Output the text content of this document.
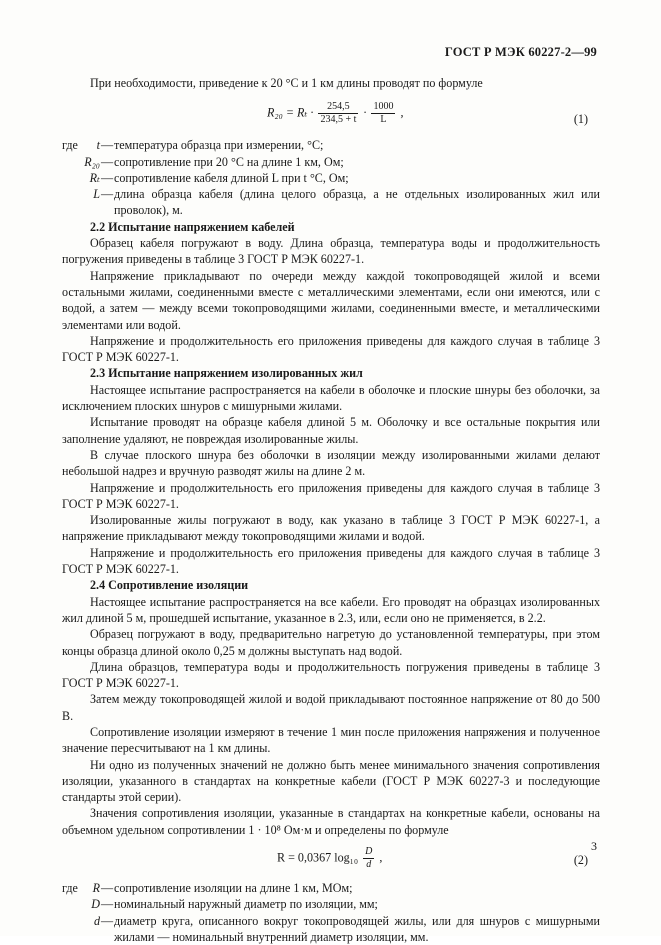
ГОСТ Р МЭК 60227-2—99

При необходимости, приведение к 20 °С и 1 км длины проводят по формуле

$R_{20} = R_t \cdot \frac{254,5}{234,5 + t} \cdot \frac{1000}{L}$ ,	(1)
где	t — температура образца при измерении, °С;
R₂₀ — сопротивление при 20 °С на длине 1 км, Ом;
Rₜ — сопротивление кабеля длиной L при t °С, Ом;
L — длина образца кабеля (длина целого образца, а не отдельных изолированных жил или проволок), м.

2.2 Испытание напряжением кабелей

Образец кабеля погружают в воду. Длина образца, температура воды и продолжительность погружения приведены в таблице 3 ГОСТ Р МЭК 60227-1.

Напряжение прикладывают по очереди между каждой токопроводящей жилой и всеми остальными жилами, соединенными вместе с металлическими элементами, если они имеются, или с водой, а затем — между всеми токопроводящими жилами, соединенными вместе, и металлическими элементами или водой.

Напряжение и продолжительность его приложения приведены для каждого случая в таблице 3 ГОСТ Р МЭК 60227-1.

2.3 Испытание напряжением изолированных жил

Настоящее испытание распространяется на кабели в оболочке и плоские шнуры без оболочки, за исключением плоских шнуров с мишурными жилами.

Испытание проводят на образце кабеля длиной 5 м. Оболочку и все остальные покрытия или заполнение удаляют, не повреждая изолированные жилы.

В случае плоского шнура без оболочки в изоляции между изолированными жилами делают небольшой надрез и вручную разводят жилы на длине 2 м.

Напряжение и продолжительность его приложения приведены для каждого случая в таблице 3 ГОСТ Р МЭК 60227-1.

Изолированные жилы погружают в воду, как указано в таблице 3 ГОСТ Р МЭК 60227-1, а напряжение прикладывают между токопроводящими жилами и водой.

Напряжение и продолжительность его приложения приведены для каждого случая в таблице 3 ГОСТ Р МЭК 60227-1.

2.4 Сопротивление изоляции

Настоящее испытание распространяется на все кабели. Его проводят на образцах изолированных жил длиной 5 м, прошедшей испытание, указанное в 2.3, или, если оно не применяется, в 2.2.

Образец погружают в воду, предварительно нагретую до установленной температуры, при этом концы образца длиной около 0,25 м должны выступать над водой.

Длина образцов, температура воды и продолжительность погружения приведены в таблице 3 ГОСТ Р МЭК 60227-1.

Затем между токопроводящей жилой и водой прикладывают постоянное напряжение от 80 до 500 В.

Сопротивление изоляции измеряют в течение 1 мин после приложения напряжения и полученное значение пересчитывают на 1 км длины.

Ни одно из полученных значений не должно быть менее минимального значения сопротивления изоляции, указанного в стандартах на конкретные кабели (ГОСТ Р МЭК 60227-3 и последующие стандарты этой серии).

Значения сопротивления изоляции, указанные в стандартах на конкретные кабели, основаны на объемном удельном сопротивлении 1 · 10⁸ Ом·м и определены по формуле

R = 0,0367 $\log_{10} \frac{D}{d}$ ,	(2)
где	R — сопротивление изоляции на длине 1 км, МОм;
D — номинальный наружный диаметр по изоляции, мм;
d — диаметр круга, описанного вокруг токопроводящей жилы, или для шнуров с мишурными жилами — номинальный внутренний диаметр изоляции, мм.
3
